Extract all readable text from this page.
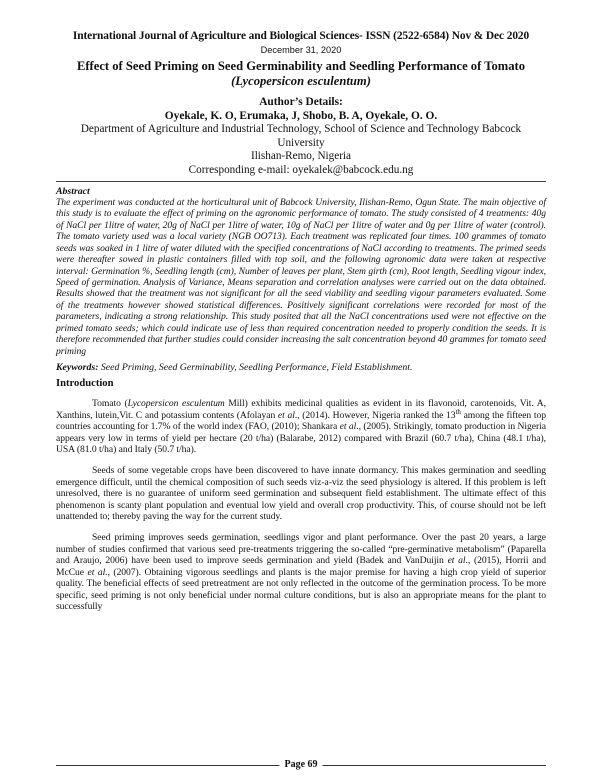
International Journal of Agriculture and Biological Sciences- ISSN (2522-6584) Nov & Dec 2020
December 31, 2020
Effect of Seed Priming on Seed Germinability and Seedling Performance of Tomato
(Lycopersicon esculentum)
Author’s Details:
Oyekale, K. O, Erumaka, J, Shobo, B. A, Oyekale, O. O.
Department of Agriculture and Industrial Technology, School of Science and Technology Babcock University
Ilishan-Remo, Nigeria
Corresponding e-mail: oyekalek@babcock.edu.ng
Abstract
The experiment was conducted at the horticultural unit of Babcock University, Ilishan-Remo, Ogun State. The main objective of this study is to evaluate the effect of priming on the agronomic performance of tomato. The study consisted of 4 treatments: 40g of NaCl per 1litre of water, 20g of NaCl per 1litre of water, 10g of NaCl per 1litre of water and 0g per 1litre of water (control). The tomato variety used was a local variety (NGB OO713). Each treatment was replicated four times. 100 grammes of tomato seeds was soaked in 1 litre of water diluted with the specified concentrations of NaCl according to treatments. The primed seeds were thereafter sowed in plastic containers filled with top soil, and the following agronomic data were taken at respective interval: Germination %, Seedling length (cm), Number of leaves per plant, Stem girth (cm), Root length, Seedling vigour index, Speed of germination. Analysis of Variance, Means separation and correlation analyses were carried out on the data obtained. Results showed that the treatment was not significant for all the seed viability and seedling vigour parameters evaluated. Some of the treatments however showed statistical differences. Positively significant correlations were recorded for most of the parameters, indicating a strong relationship. This study posited that all the NaCl concentrations used were not effective on the primed tomato seeds; which could indicate use of less than required concentration needed to properly condition the seeds. It is therefore recommended that further studies could consider increasing the salt concentration beyond 40 grammes for tomato seed priming
Keywords: Seed Priming, Seed Germinability, Seedling Performance, Field Establishment.
Introduction

Tomato (Lycopersicon esculentum Mill) exhibits medicinal qualities as evident in its flavonoid, carotenoids, Vit. A, Xanthins, lutein,Vit. C and potassium contents (Afolayan et al., (2014). However, Nigeria ranked the 13th among the fifteen top countries accounting for 1.7% of the world index (FAO, (2010); Shankara et al., (2005). Strikingly, tomato production in Nigeria appears very low in terms of yield per hectare (20 t/ha) (Balarabe, 2012) compared with Brazil (60.7 t/ha), China (48.1 t/ha), USA (81.0 t/ha) and Italy (50.7 t/ha).

Seeds of some vegetable crops have been discovered to have innate dormancy. This makes germination and seedling emergence difficult, until the chemical composition of such seeds viz-a-viz the seed physiology is altered. If this problem is left unresolved, there is no guarantee of uniform seed germination and subsequent field establishment. The ultimate effect of this phenomenon is scanty plant population and eventual low yield and overall crop productivity. This, of course should not be left unattended to; thereby paving the way for the current study.

Seed priming improves seeds germination, seedlings vigor and plant performance. Over the past 20 years, a large number of studies confirmed that various seed pre-treatments triggering the so-called “pre-germinative metabolism” (Paparella and Araujo, 2006) have been used to improve seeds germination and yield (Badek and VanDuijin et al., (2015), Horrii and McCue et al., (2007). Obtaining vigorous seedlings and plants is the major premise for having a high crop yield of superior quality. The beneficial effects of seed pretreatment are not only reflected in the outcome of the germination process. To be more specific, seed priming is not only beneficial under normal culture conditions, but is also an appropriate means for the plant to successfully

Page 69
